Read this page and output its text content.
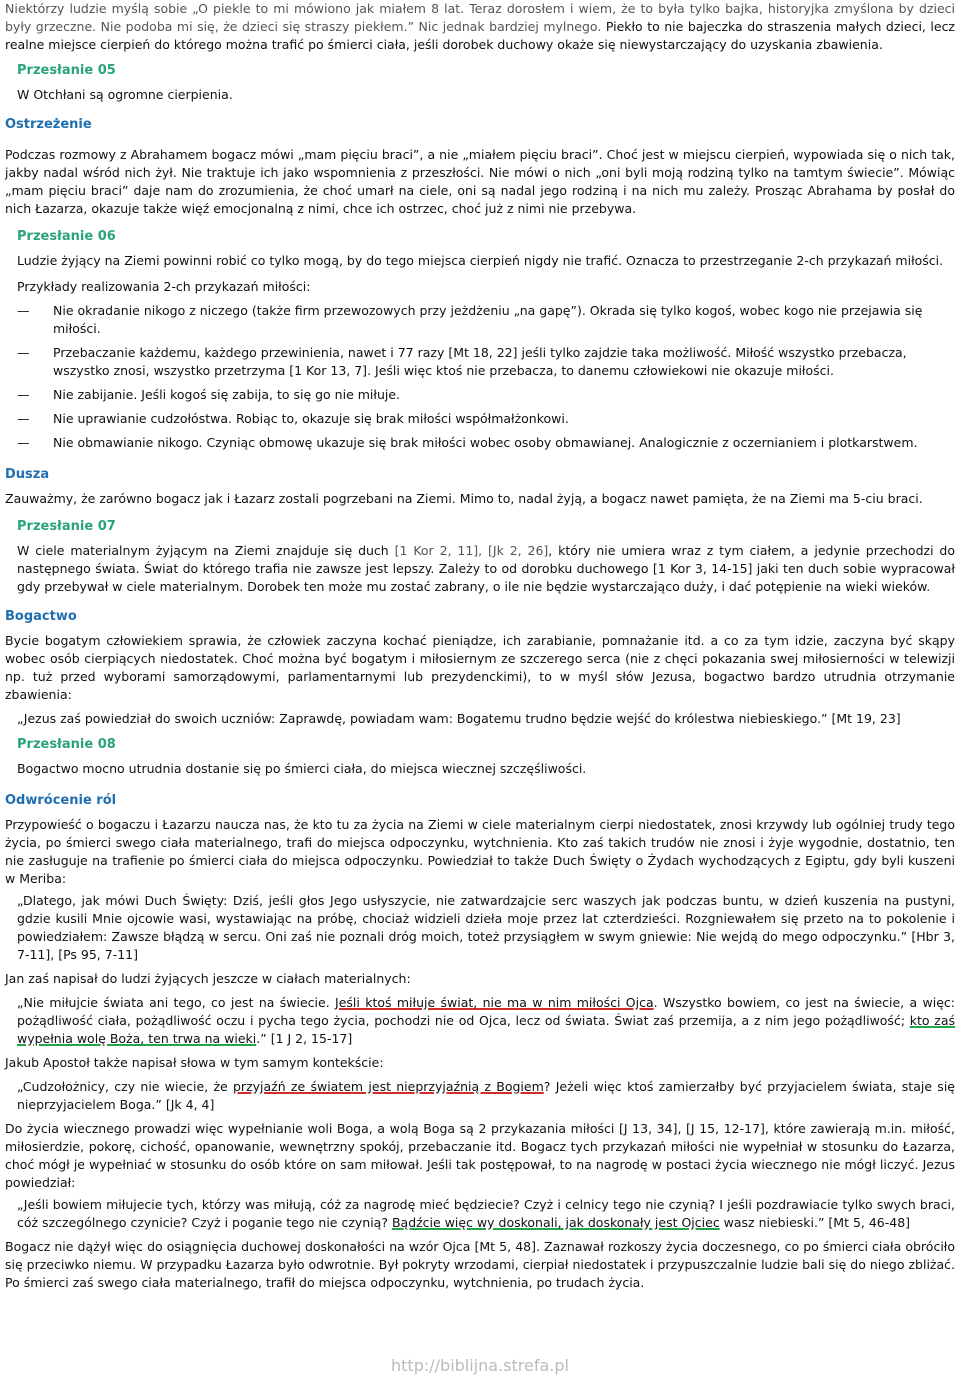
Niektórzy ludzie myślą sobie „O piekle to mi mówiono jak miałem 8 lat. Teraz dorosłem i wiem, że to była tylko bajka, historyjka zmyślona by dzieci były grzeczne. Nie podoba mi się, że dzieci się straszy piekłem.” Nic jednak bardziej mylnego. Piekło to nie bajeczka do straszenia małych dzieci, lecz realne miejsce cierpień do którego można trafić po śmierci ciała, jeśli dorobek duchowy okaże się niewystarczający do uzyskania zbawienia.

Przesłanie 05

W Otchłani są ogromne cierpienia.

Ostrzeżenie

Podczas rozmowy z Abrahamem bogacz mówi „mam pięciu braci”, a nie „miałem pięciu braci”. Choć jest w miejscu cierpień, wypowiada się o nich tak, jakby nadal wśród nich żył. Nie traktuje ich jako wspomnienia z przeszłości. Nie mówi o nich „oni byli moją rodziną tylko na tamtym świecie”. Mówiąc „mam pięciu braci” daje nam do zrozumienia, że choć umarł na ciele, oni są nadal jego rodziną i na nich mu zależy. Prosząc Abrahama by posłał do nich Łazarza, okazuje także więź emocjonalną z nimi, chce ich ostrzec, choć już z nimi nie przebywa.

Przesłanie 06

Ludzie żyjący na Ziemi powinni robić co tylko mogą, by do tego miejsca cierpień nigdy nie trafić. Oznacza to przestrzeganie 2-ch przykazań miłości.

Przykłady realizowania 2-ch przykazań miłości:

—	Nie okradanie nikogo z niczego (także firm przewozowych przy jeżdżeniu „na gapę”). Okrada się tylko kogoś, wobec kogo nie przejawia się miłości.
—	Przebaczanie każdemu, każdego przewinienia, nawet i 77 razy [Mt 18, 22] jeśli tylko zajdzie taka możliwość. Miłość wszystko przebacza, wszystko znosi, wszystko przetrzyma [1 Kor 13, 7]. Jeśli więc ktoś nie przebacza, to danemu człowiekowi nie okazuje miłości.
—	Nie zabijanie. Jeśli kogoś się zabija, to się go nie miłuje.
—	Nie uprawianie cudzołóstwa. Robiąc to, okazuje się brak miłości współmałżonkowi.
—	Nie obmawianie nikogo. Czyniąc obmowę ukazuje się brak miłości wobec osoby obmawianej. Analogicznie z oczernianiem i plotkarstwem.

Dusza

Zauważmy, że zarówno bogacz jak i Łazarz zostali pogrzebani na Ziemi. Mimo to, nadal żyją, a bogacz nawet pamięta, że na Ziemi ma 5-ciu braci.

Przesłanie 07

W ciele materialnym żyjącym na Ziemi znajduje się duch [1 Kor 2, 11], [Jk 2, 26], który nie umiera wraz z tym ciałem, a jedynie przechodzi do następnego świata. Świat do którego trafia nie zawsze jest lepszy. Zależy to od dorobku duchowego [1 Kor 3, 14-15] jaki ten duch sobie wypracował gdy przebywał w ciele materialnym. Dorobek ten może mu zostać zabrany, o ile nie będzie wystarczająco duży, i dać potępienie na wieki wieków.

Bogactwo

Bycie bogatym człowiekiem sprawia, że człowiek zaczyna kochać pieniądze, ich zarabianie, pomnażanie itd. a co za tym idzie, zaczyna być skąpy wobec osób cierpiących niedostatek. Choć można być bogatym i miłosiernym ze szczerego serca (nie z chęci pokazania swej miłosierności w telewizji np. tuż przed wyborami samorządowymi, parlamentarnymi lub prezydenckimi), to w myśl słów Jezusa, bogactwo bardzo utrudnia otrzymanie zbawienia:

„Jezus zaś powiedział do swoich uczniów: Zaprawdę, powiadam wam: Bogatemu trudno będzie wejść do królestwa niebieskiego.” [Mt 19, 23]

Przesłanie 08

Bogactwo mocno utrudnia dostanie się po śmierci ciała, do miejsca wiecznej szczęśliwości.

Odwrócenie ról

Przypowieść o bogaczu i Łazarzu naucza nas, że kto tu za życia na Ziemi w ciele materialnym cierpi niedostatek, znosi krzywdy lub ogólniej trudy tego życia, po śmierci swego ciała materialnego, trafi do miejsca odpoczynku, wytchnienia. Kto zaś takich trudów nie znosi i żyje wygodnie, dostatnio, ten nie zasługuje na trafienie po śmierci ciała do miejsca odpoczynku. Powiedział to także Duch Święty o Żydach wychodzących z Egiptu, gdy byli kuszeni w Meriba:

„Dlatego, jak mówi Duch Święty: Dziś, jeśli głos Jego usłyszycie, nie zatwardzajcie serc waszych jak podczas buntu, w dzień kuszenia na pustyni, gdzie kusili Mnie ojcowie wasi, wystawiając na próbę, chociaż widzieli dzieła moje przez lat czterdzieści. Rozgniewałem się przeto na to pokolenie i powiedziałem: Zawsze błądzą w sercu. Oni zaś nie poznali dróg moich, toteż przysiągłem w swym gniewie: Nie wejdą do mego odpoczynku.” [Hbr 3, 7-11], [Ps 95, 7-11]

Jan zaś napisał do ludzi żyjących jeszcze w ciałach materialnych:

„Nie miłujcie świata ani tego, co jest na świecie. Jeśli ktoś miłuje świat, nie ma w nim miłości Ojca. Wszystko bowiem, co jest na świecie, a więc: pożądliwość ciała, pożądliwość oczu i pycha tego życia, pochodzi nie od Ojca, lecz od świata. Świat zaś przemija, a z nim jego pożądliwość; kto zaś wypełnia wolę Boża, ten trwa na wieki.” [1 J 2, 15-17]

Jakub Apostoł także napisał słowa w tym samym kontekście:

„Cudzołożnicy, czy nie wiecie, że przyjaźń ze światem jest nieprzyjaźnią z Bogiem? Jeżeli więc ktoś zamierzałby być przyjacielem świata, staje się nieprzyjacielem Boga.” [Jk 4, 4]

Do życia wiecznego prowadzi więc wypełnianie woli Boga, a wolą Boga są 2 przykazania miłości [J 13, 34], [J 15, 12-17], które zawierają m.in. miłość, miłosierdzie, pokorę, cichość, opanowanie, wewnętrzny spokój, przebaczanie itd. Bogacz tych przykazań miłości nie wypełniał w stosunku do Łazarza, choć mógł je wypełniać w stosunku do osób które on sam miłował. Jeśli tak postępował, to na nagrodę w postaci życia wiecznego nie mógł liczyć. Jezus powiedział:

„Jeśli bowiem miłujecie tych, którzy was miłują, cóż za nagrodę mieć będziecie? Czyż i celnicy tego nie czynią? I jeśli pozdrawiacie tylko swych braci, cóż szczególnego czynicie? Czyż i poganie tego nie czynią? Bądźcie więc wy doskonali, jak doskonały jest Ojciec wasz niebieski.” [Mt 5, 46-48]

Bogacz nie dążył więc do osiągnięcia duchowej doskonałości na wzór Ojca [Mt 5, 48]. Zaznawał rozkoszy życia doczesnego, co po śmierci ciała obróciło się przeciwko niemu. W przypadku Łazarza było odwrotnie. Był pokryty wrzodami, cierpiał niedostatek i przypuszczalnie ludzie bali się do niego zbliżać. Po śmierci zaś swego ciała materialnego, trafił do miejsca odpoczynku, wytchnienia, po trudach życia.

http://biblijna.strefa.pl
